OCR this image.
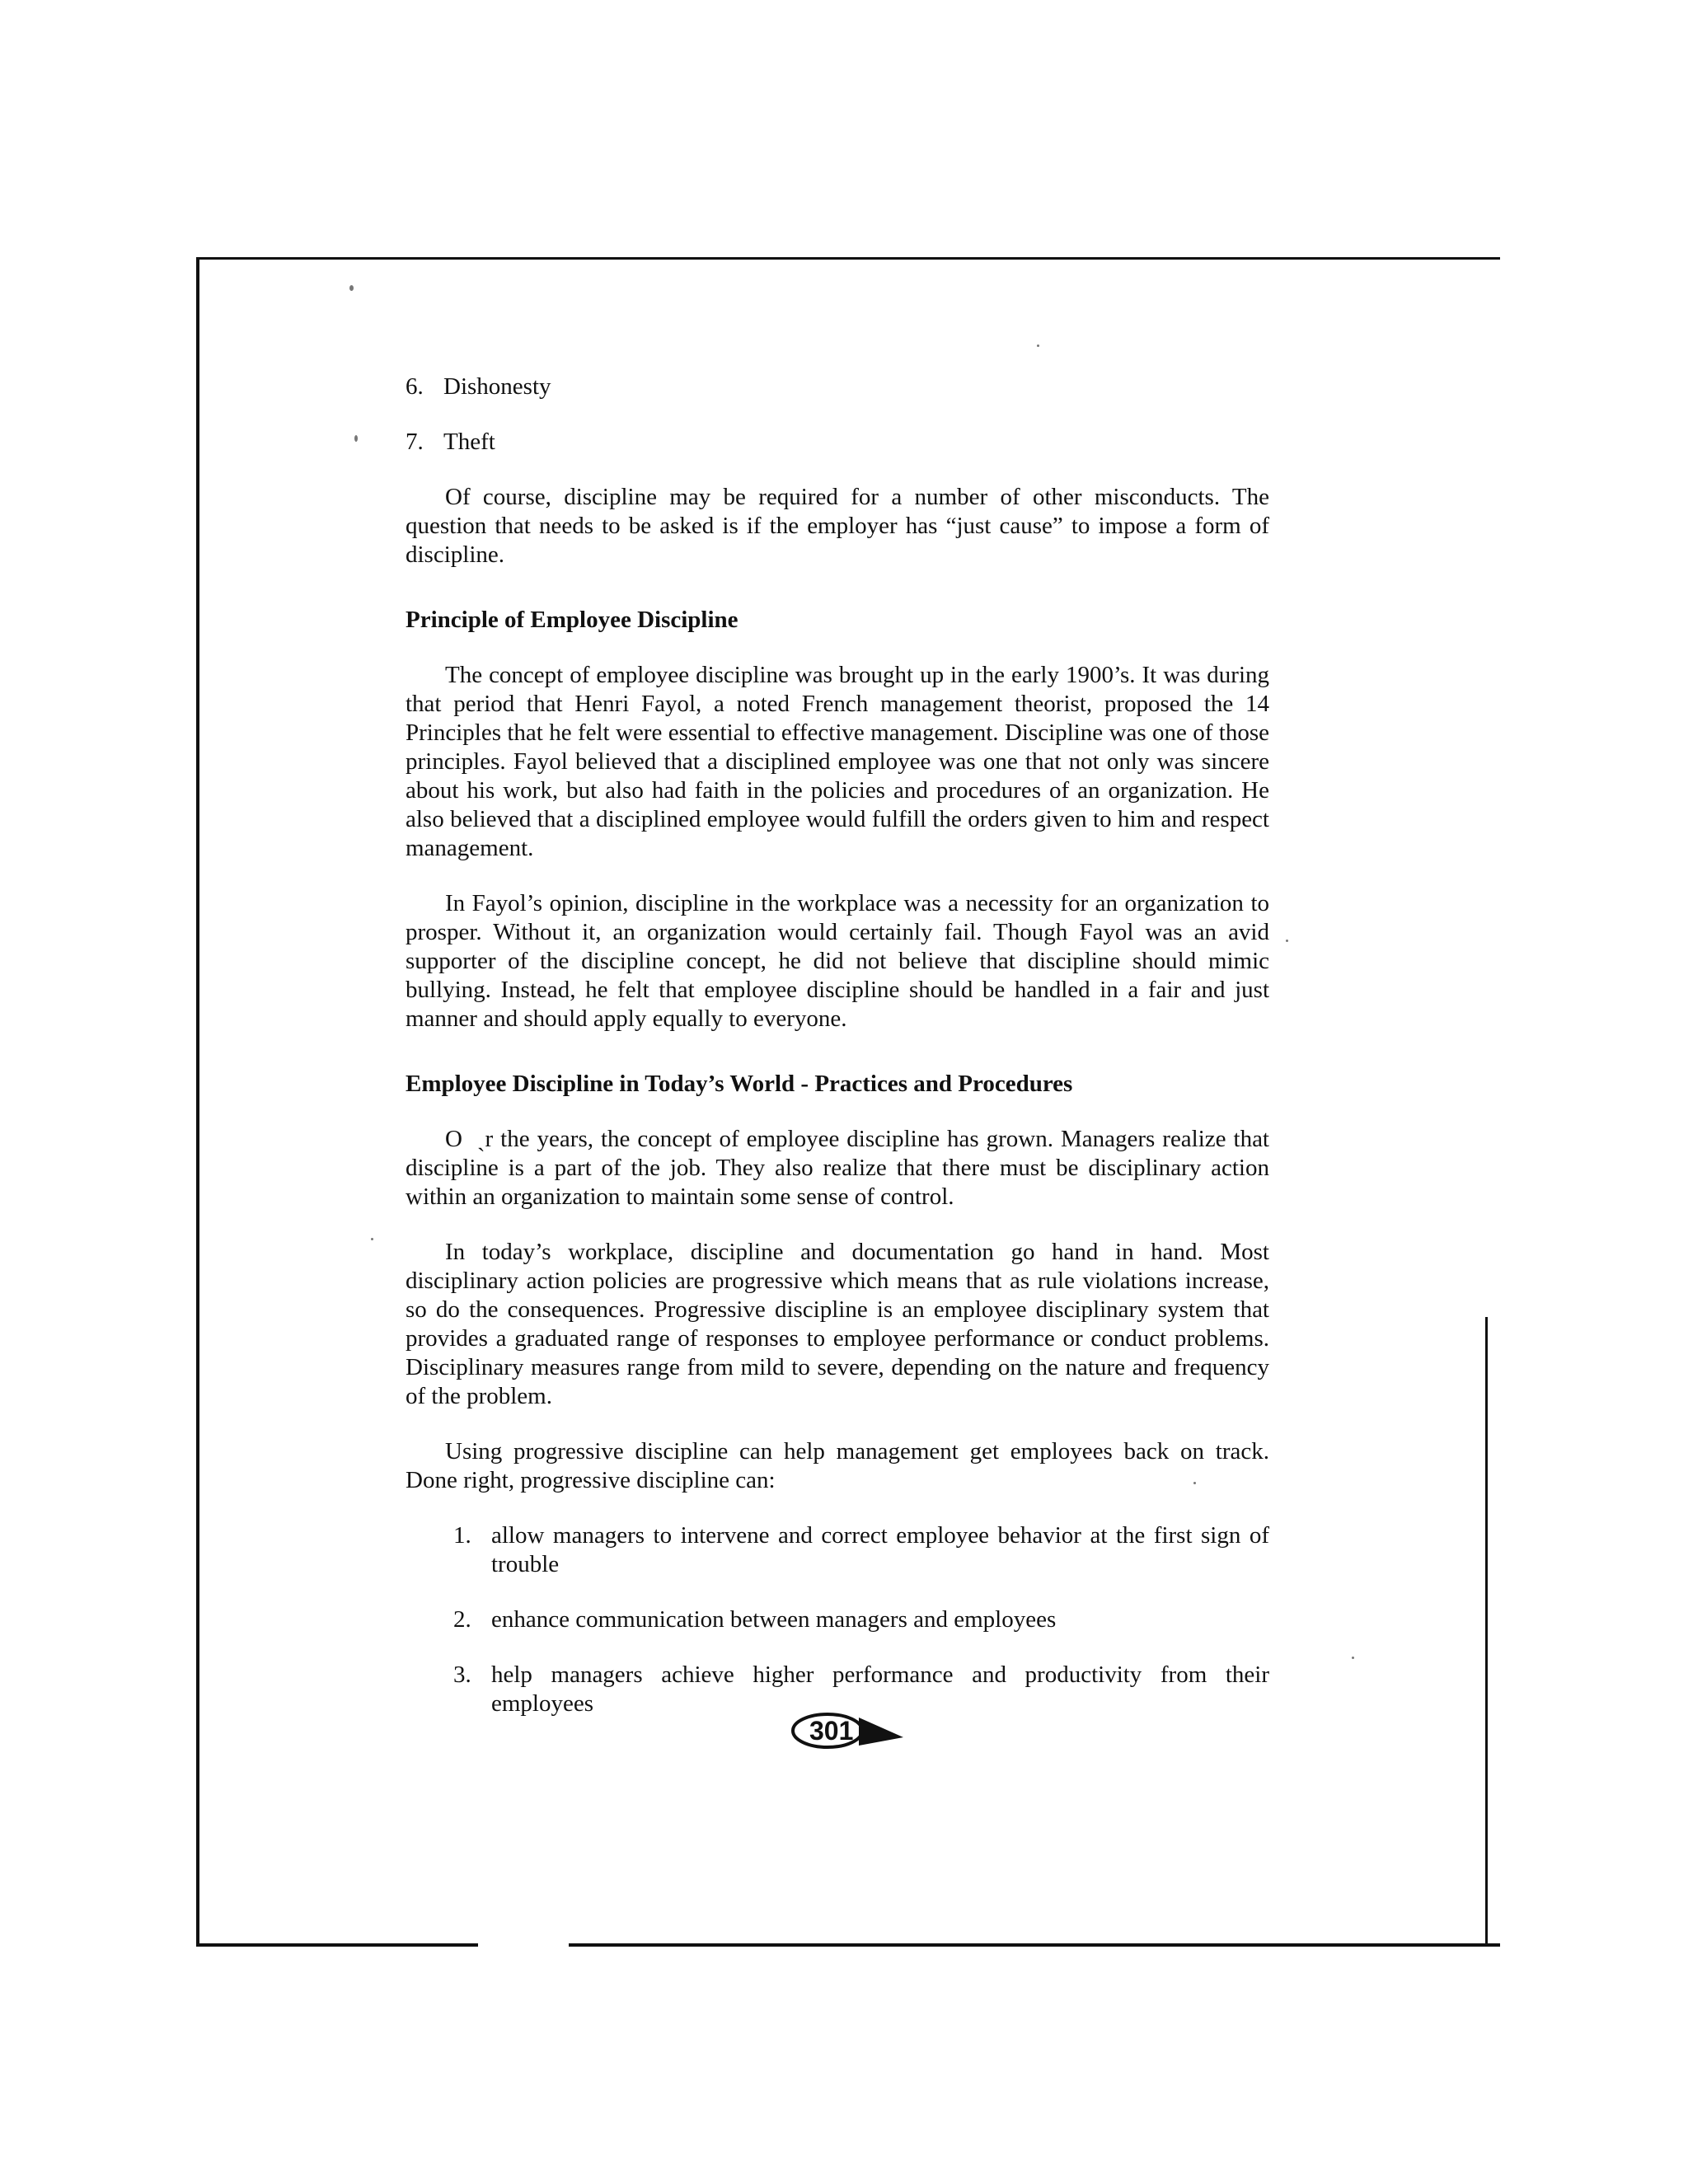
6. Dishonesty
7. Theft

Of course, discipline may be required for a number of other misconducts. The question that needs to be asked is if the employer has “just cause” to impose a form of discipline.

Principle of Employee Discipline

The concept of employee discipline was brought up in the early 1900’s. It was during that period that Henri Fayol, a noted French management theorist, proposed the 14 Principles that he felt were essential to effective management. Discipline was one of those principles. Fayol believed that a disciplined employee was one that not only was sincere about his work, but also had faith in the policies and procedures of an organization. He also believed that a disciplined employee would fulfill the orders given to him and respect management.

In Fayol’s opinion, discipline in the workplace was a necessity for an organization to prosper. Without it, an organization would certainly fail. Though Fayol was an avid supporter of the discipline concept, he did not believe that discipline should mimic bullying. Instead, he felt that employee discipline should be handled in a fair and just manner and should apply equally to everyone.

Employee Discipline in Today’s World - Practices and Procedures

O  ˎr the years, the concept of employee discipline has grown. Managers realize that discipline is a part of the job. They also realize that there must be disciplinary action within an organization to maintain some sense of control.

In today’s workplace, discipline and documentation go hand in hand. Most disciplinary action policies are progressive which means that as rule violations increase, so do the consequences. Progressive discipline is an employee disciplinary system that provides a graduated range of responses to employee performance or conduct problems. Disciplinary measures range from mild to severe, depending on the nature and frequency of the problem.

Using progressive discipline can help management get employees back on track. Done right, progressive discipline can:

1. allow managers to intervene and correct employee behavior at the first sign of trouble
2. enhance communication between managers and employees
3. help managers achieve higher performance and productivity from their employees
301
